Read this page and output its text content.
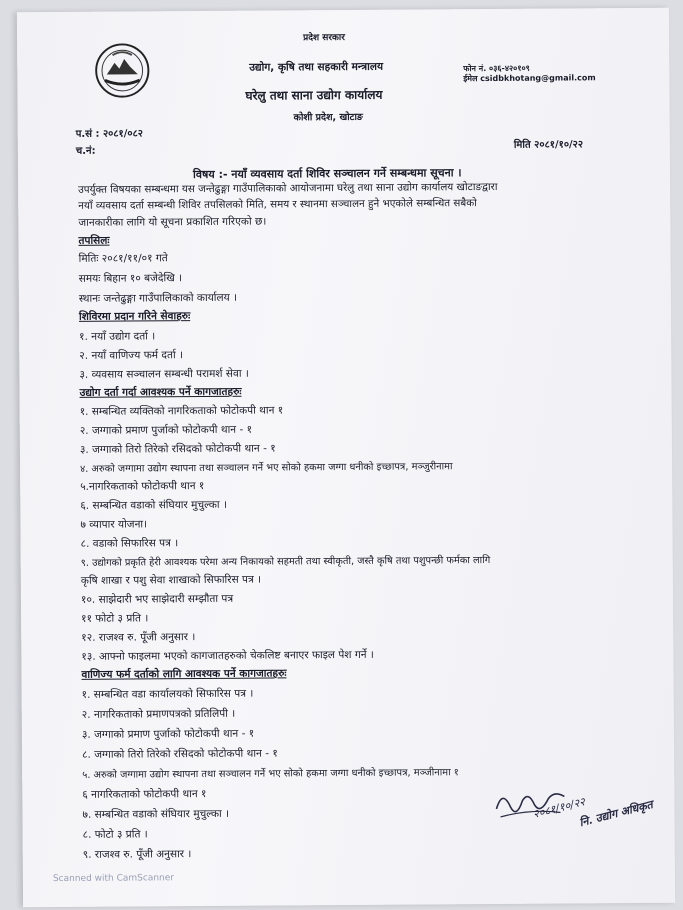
प्रदेश सरकार
उद्योग, कृषि तथा सहकारी मन्त्रालय
घरेलु तथा साना उद्योग कार्यालय
कोशी प्रदेश, खोटाङ
फोन नं. ०३६-४२०१०९
ईमेल csidbkhotang@gmail.com
प.सं : २०८१/०८२
च.नं:
मिति २०८१/१०/२२
विषय :- नयाँ व्यवसाय दर्ता शिविर सञ्चालन गर्ने सम्बन्धमा सूचना ।
उपर्युक्त विषयका सम्बन्धमा यस जन्तेढुङ्गा गाउँपालिकाको आयोजनामा घरेलु तथा साना उद्योग कार्यालय खोटाङद्वारा
नयाँ व्यवसाय दर्ता सम्बन्धी शिविर तपसिलको मिति, समय र स्थानमा सञ्चालन हुने भएकोले सम्बन्धित सबैको
जानकारीका लागि यो सूचना प्रकाशित गरिएको छ।
तपसिलः
मितिः २०८१/११/०१ गते
समयः बिहान १० बजेदेखि ।
स्थानः जन्तेढुङ्गा गाउँपालिकाको कार्यालय ।
शिविरमा प्रदान गरिने सेवाहरुः
१. नयाँ उद्योग दर्ता ।
२. नयाँ वाणिज्य फर्म दर्ता ।
३. व्यवसाय सञ्चालन सम्बन्धी परामर्श सेवा ।
उद्योग दर्ता गर्दा आवश्यक पर्ने कागजातहरुः
१. सम्बन्धित व्यक्तिको नागरिकताको फोटोकपी थान १
२. जग्गाको प्रमाण पुर्जाको फोटोकपी थान - १
३. जग्गाको तिरो तिरेको रसिदको फोटोकपी थान - १
४. अरुको जग्गामा उद्योग स्थापना तथा सञ्चालन गर्ने भए सोको हकमा जग्गा धनीको इच्छापत्र, मञ्जुरीनामा
५.नागरिकताको फोटोकपी थान १
६. सम्बन्धित वडाको संघियार मुचुल्का ।
७ व्यापार योजना।
८. वडाको सिफारिस पत्र ।
९. उद्योगको प्रकृति हेरी आवश्यक परेमा अन्य निकायको सहमती तथा स्वीकृती, जस्तै कृषि तथा पशुपन्छी फर्मका लागि
कृषि शाखा र पशु सेवा शाखाको सिफारिस पत्र ।
१०. साझेदारी भए साझेदारी सम्झौता पत्र
११ फोटो ३ प्रति ।
१२. राजश्व रु. पूँजी अनुसार ।
१३. आफ्नो फाइलमा भएको कागजातहरुको चेकलिष्ट बनाएर फाइल पेश गर्ने ।
वाणिज्य फर्म दर्ताको लागि आवश्यक पर्ने कागजातहरुः
१. सम्बन्धित वडा कार्यालयको सिफारिस पत्र ।
२. नागरिकताको प्रमाणपत्रको प्रतिलिपी ।
३. जग्गाको प्रमाण पुर्जाको फोटोकपी थान - १
८. जग्गाको तिरो तिरेको रसिदको फोटोकपी थान - १
५. अरुको जग्गामा उद्योग स्थापना तथा सञ्चालन गर्ने भए सोको हकमा जग्गा धनीको इच्छापत्र, मञ्जीनामा १
६ नागरिकताको फोटोकपी थान १
७. सम्बन्धित वडाको संघियार मुचुल्का ।
८. फोटो ३ प्रति ।
९. राजश्व रु. पूँजी अनुसार ।
२०८१/१०/२२
नि. उद्योग अधिकृत
Scanned with CamScanner
